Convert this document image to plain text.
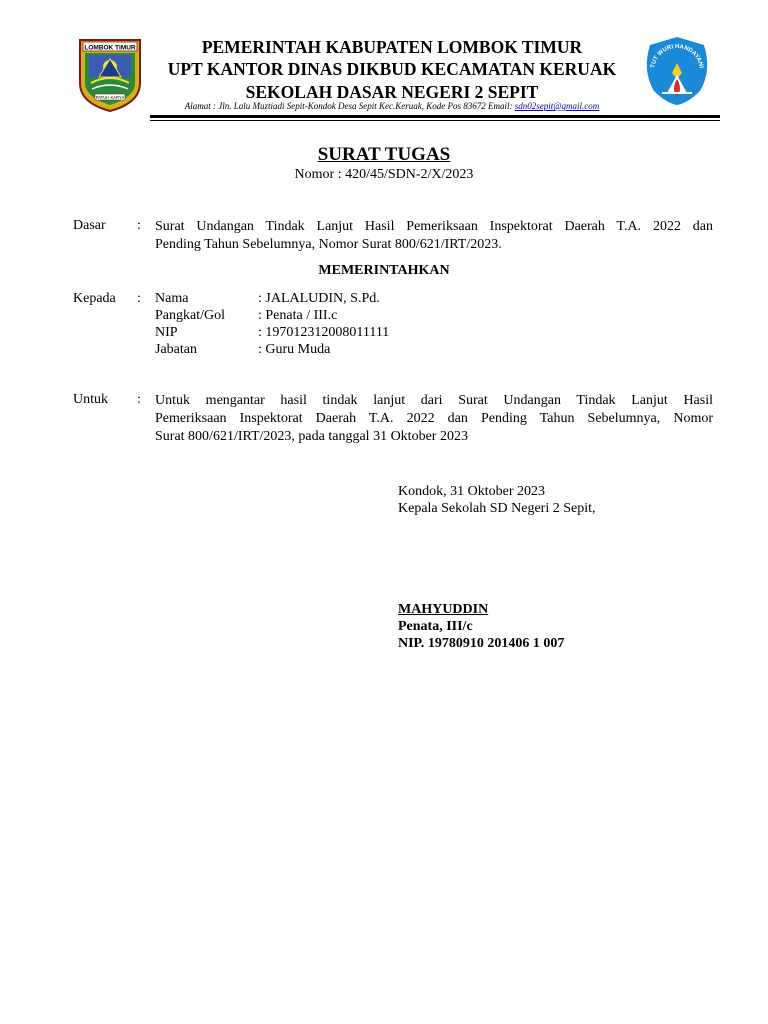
LOMBOK TIMUR
PATUH KARYA
TUT WURI HANDAYANI
PEMERINTAH KABUPATEN LOMBOK TIMUR
UPT KANTOR DINAS DIKBUD KECAMATAN KERUAK
SEKOLAH DASAR NEGERI 2 SEPIT
Alamat : Jln. Lalu Muztiadi Sepit-Kondok Desa Sepit Kec.Keruak, Kode Pos 83672 Email: sdn02sepit@gmail.com
SURAT TUGAS
Nomor : 420/45/SDN-2/X/2023
Dasar : Surat Undangan Tindak Lanjut Hasil Pemeriksaan Inspektorat Daerah T.A. 2022 dan
Pending Tahun Sebelumnya, Nomor Surat 800/621/IRT/2023.
MEMERINTAHKAN
Kepada : Nama	: JALALUDIN, S.Pd.
Pangkat/Gol : Penata / III.c
NIP	: 197012312008011111
Jabatan	: Guru Muda
Untuk : Untuk mengantar hasil tindak lanjut dari Surat Undangan Tindak Lanjut Hasil
Pemeriksaan Inspektorat Daerah T.A. 2022 dan Pending Tahun Sebelumnya, Nomor
Surat 800/621/IRT/2023, pada tanggal 31 Oktober 2023
Kondok, 31 Oktober 2023
Kepala Sekolah SD Negeri 2 Sepit,
MAHYUDDIN
Penata, III/c
NIP. 19780910 201406 1 007
